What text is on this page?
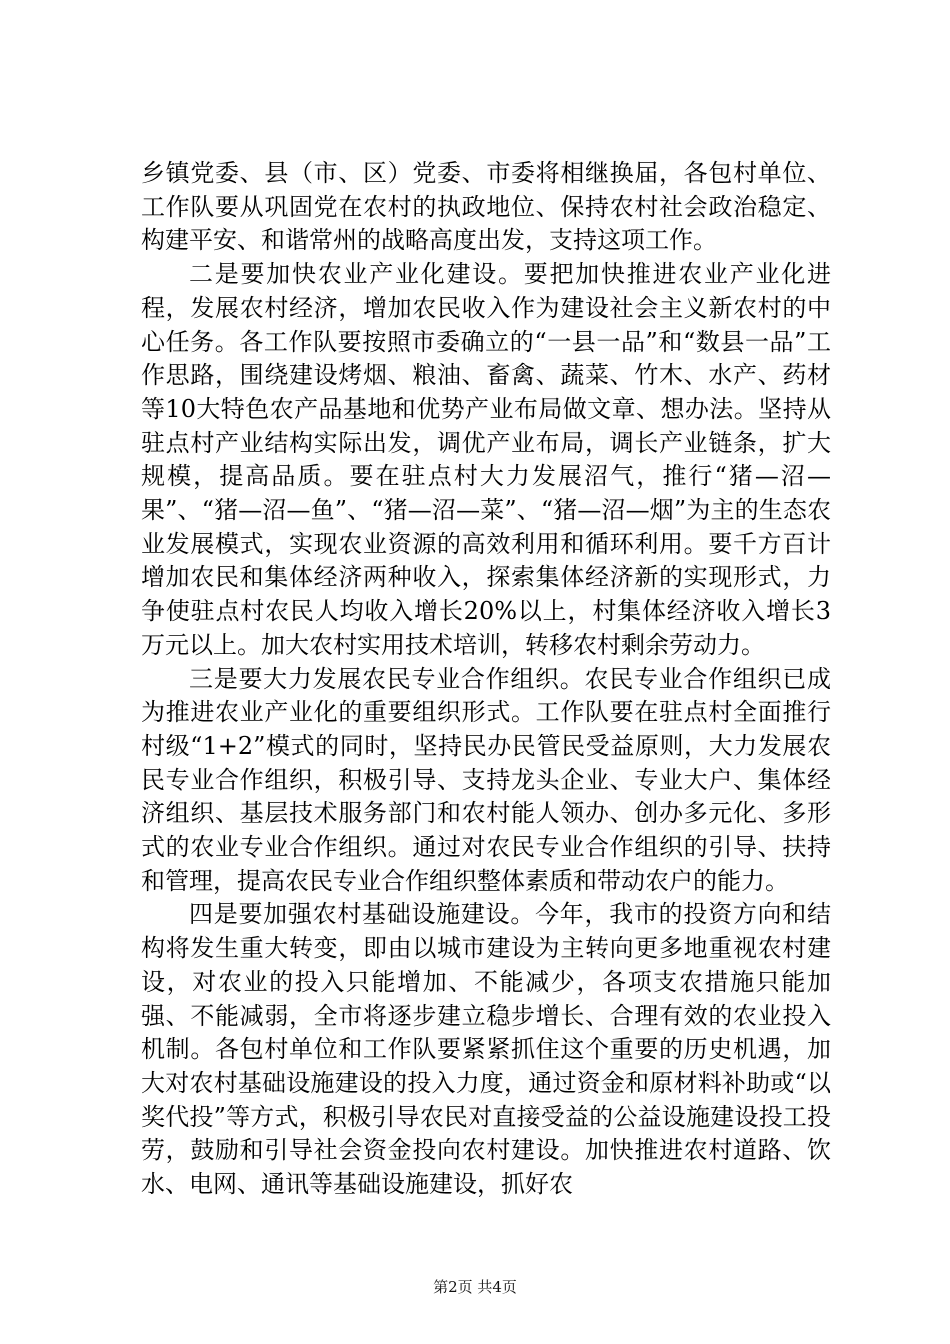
乡镇党委、县（市、区）党委、市委将相继换届，各包村单位、工作队要从巩固党在农村的执政地位、保持农村社会政治稳定、构建平安、和谐常州的战略高度出发，支持这项工作。

二是要加快农业产业化建设。要把加快推进农业产业化进程，发展农村经济，增加农民收入作为建设社会主义新农村的中心任务。各工作队要按照市委确立的“一县一品”和“数县一品”工作思路，围绕建设烤烟、粮油、畜禽、蔬菜、竹木、水产、药材等10大特色农产品基地和优势产业布局做文章、想办法。坚持从驻点村产业结构实际出发，调优产业布局，调长产业链条，扩大规模，提高品质。要在驻点村大力发展沼气，推行“猪—沼—果”、“猪—沼—鱼”、“猪—沼—菜”、“猪—沼—烟”为主的生态农业发展模式，实现农业资源的高效利用和循环利用。要千方百计增加农民和集体经济两种收入，探索集体经济新的实现形式，力争使驻点村农民人均收入增长20%以上，村集体经济收入增长3万元以上。加大农村实用技术培训，转移农村剩余劳动力。

三是要大力发展农民专业合作组织。农民专业合作组织已成为推进农业产业化的重要组织形式。工作队要在驻点村全面推行村级“1+2”模式的同时，坚持民办民管民受益原则，大力发展农民专业合作组织，积极引导、支持龙头企业、专业大户、集体经济组织、基层技术服务部门和农村能人领办、创办多元化、多形式的农业专业合作组织。通过对农民专业合作组织的引导、扶持和管理，提高农民专业合作组织整体素质和带动农户的能力。

四是要加强农村基础设施建设。今年，我市的投资方向和结构将发生重大转变，即由以城市建设为主转向更多地重视农村建设，对农业的投入只能增加、不能减少，各项支农措施只能加强、不能减弱，全市将逐步建立稳步增长、合理有效的农业投入机制。各包村单位和工作队要紧紧抓住这个重要的历史机遇，加大对农村基础设施建设的投入力度，通过资金和原材料补助或“以奖代投”等方式，积极引导农民对直接受益的公益设施建设投工投劳，鼓励和引导社会资金投向农村建设。加快推进农村道路、饮水、电网、通讯等基础设施建设，抓好农

第2页 共4页
